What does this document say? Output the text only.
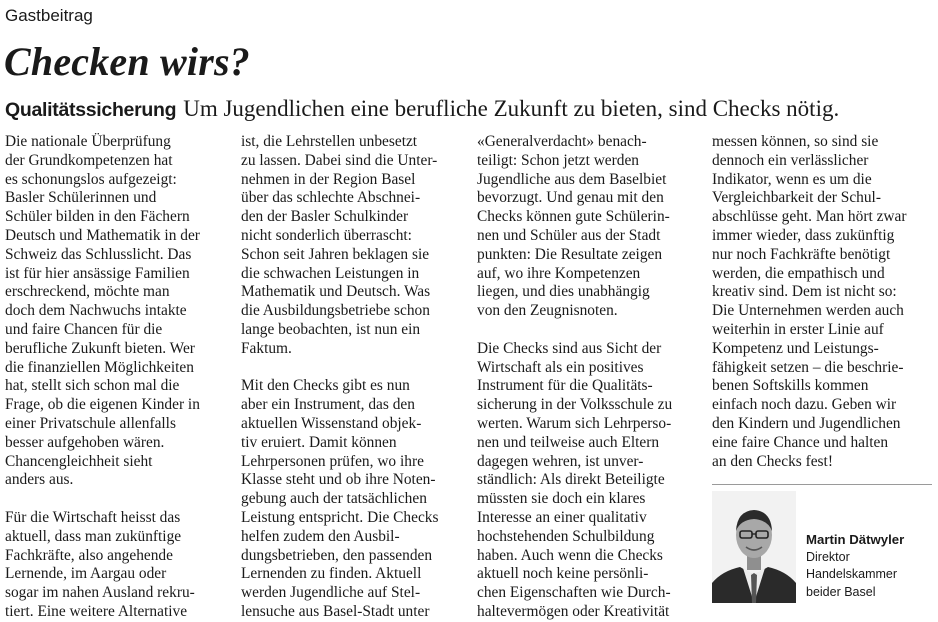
Gastbeitrag
Checken wirs?
Qualitätssicherung Um Jugendlichen eine berufliche Zukunft zu bieten, sind Checks nötig.

Die nationale Überprüfung
der Grundkompetenzen hat
es schonungslos aufgezeigt:
Basler Schülerinnen und
Schüler bilden in den Fächern
Deutsch und Mathematik in der
Schweiz das Schlusslicht. Das
ist für hier ansässige Familien
erschreckend, möchte man
doch dem Nachwuchs intakte
und faire Chancen für die
berufliche Zukunft bieten. Wer
die finanziellen Möglichkeiten
hat, stellt sich schon mal die
Frage, ob die eigenen Kinder in
einer Privatschule allenfalls
besser aufgehoben wären.
Chancengleichheit sieht
anders aus.

Für die Wirtschaft heisst das
aktuell, dass man zukünftige
Fachkräfte, also angehende
Lernende, im Aargau oder
sogar im nahen Ausland rekru-
tiert. Eine weitere Alternative

ist, die Lehrstellen unbesetzt
zu lassen. Dabei sind die Unter-
nehmen in der Region Basel
über das schlechte Abschnei-
den der Basler Schulkinder
nicht sonderlich überrascht:
Schon seit Jahren beklagen sie
die schwachen Leistungen in
Mathematik und Deutsch. Was
die Ausbildungsbetriebe schon
lange beobachten, ist nun ein
Faktum.

Mit den Checks gibt es nun
aber ein Instrument, das den
aktuellen Wissenstand objek-
tiv eruiert. Damit können
Lehrpersonen prüfen, wo ihre
Klasse steht und ob ihre Noten-
gebung auch der tatsächlichen
Leistung entspricht. Die Checks
helfen zudem den Ausbil-
dungsbetrieben, den passenden
Lernenden zu finden. Aktuell
werden Jugendliche auf Stel-
lensuche aus Basel-Stadt unter

«Generalverdacht» benach-
teiligt: Schon jetzt werden
Jugendliche aus dem Baselbiet
bevorzugt. Und genau mit den
Checks können gute Schülerin-
nen und Schüler aus der Stadt
punkten: Die Resultate zeigen
auf, wo ihre Kompetenzen
liegen, und dies unabhängig
von den Zeugnisnoten.

Die Checks sind aus Sicht der
Wirtschaft als ein positives
Instrument für die Qualitäts-
sicherung in der Volksschule zu
werten. Warum sich Lehrperso-
nen und teilweise auch Eltern
dagegen wehren, ist unver-
ständlich: Als direkt Beteiligte
müssten sie doch ein klares
Interesse an einer qualitativ
hochstehenden Schulbildung
haben. Auch wenn die Checks
aktuell noch keine persönli-
chen Eigenschaften wie Durch-
haltevermögen oder Kreativität

messen können, so sind sie
dennoch ein verlässlicher
Indikator, wenn es um die
Vergleichbarkeit der Schul-
abschlüsse geht. Man hört zwar
immer wieder, dass zukünftig
nur noch Fachkräfte benötigt
werden, die empathisch und
kreativ sind. Dem ist nicht so:
Die Unternehmen werden auch
weiterhin in erster Linie auf
Kompetenz und Leistungs-
fähigkeit setzen – die beschrie-
benen Softskills kommen
einfach noch dazu. Geben wir
den Kindern und Jugendlichen
eine faire Chance und halten
an den Checks fest!

Martin Dätwyler
Direktor
Handelskammer
beider Basel
